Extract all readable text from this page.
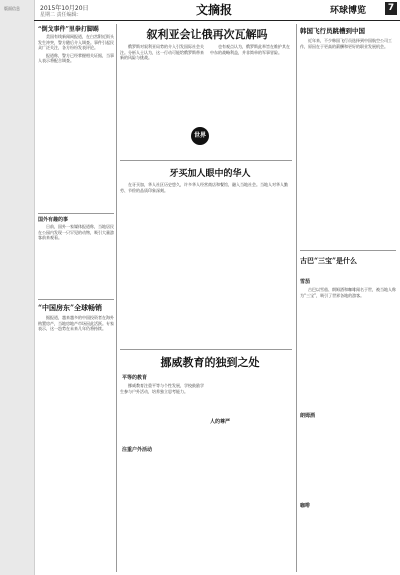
版面信息	2015年10月20日
星期二 责任编辑：	文摘报	环球博览	7
“倒戈事件”里拳打脚踢

美国有线新闻网报道，在白宫附近街头发生冲突，警方随后介入调查。事件引起民众广泛关注，各方纷纷发表评论。

报道称，警方已经掌握相关证据，当事人表示将配合调查。

国外有趣的事

日前，国外一家媒体报道称，当地居民在公园内发现一只罕见的动物，吸引大量游客前来观看。

“中国房东”全球畅销

据报道，越来越多的中国投资者在海外购置房产，当地房地产市场因此活跃。专家表示，这一趋势在未来几年仍将持续。

叙利亚会让俄再次瓦解吗

俄罗斯对叙利亚局势的介入引发国际社会关注。分析人士认为，这一行动可能给俄罗斯带来新的风险与挑战。

也有观点认为，俄罗斯此举旨在维护其在中东的战略利益，并非简单的军事冒险。

世界
牙买加人眼中的华人

在牙买加，华人社区历史悠久，许多华人经营商店和餐馆，融入当地社会。当地人对华人勤劳、节俭的品质印象深刻。

挪威教育的独到之处
平等的教育

挪威教育注重平等与个性发展，学校鼓励学生参与户外活动，培养独立思考能力。

注重户外活动
人的尊严
韩国飞行员跳槽到中国

近年来，不少韩国飞行员选择到中国航空公司工作，原因在于更高的薪酬和更好的职业发展机会。

古巴“三宝”是什么
雪茄

古巴以雪茄、朗姆酒和咖啡闻名于世，被当地人称为“三宝”，吸引了世界各地的游客。

朗姆酒
咖啡
